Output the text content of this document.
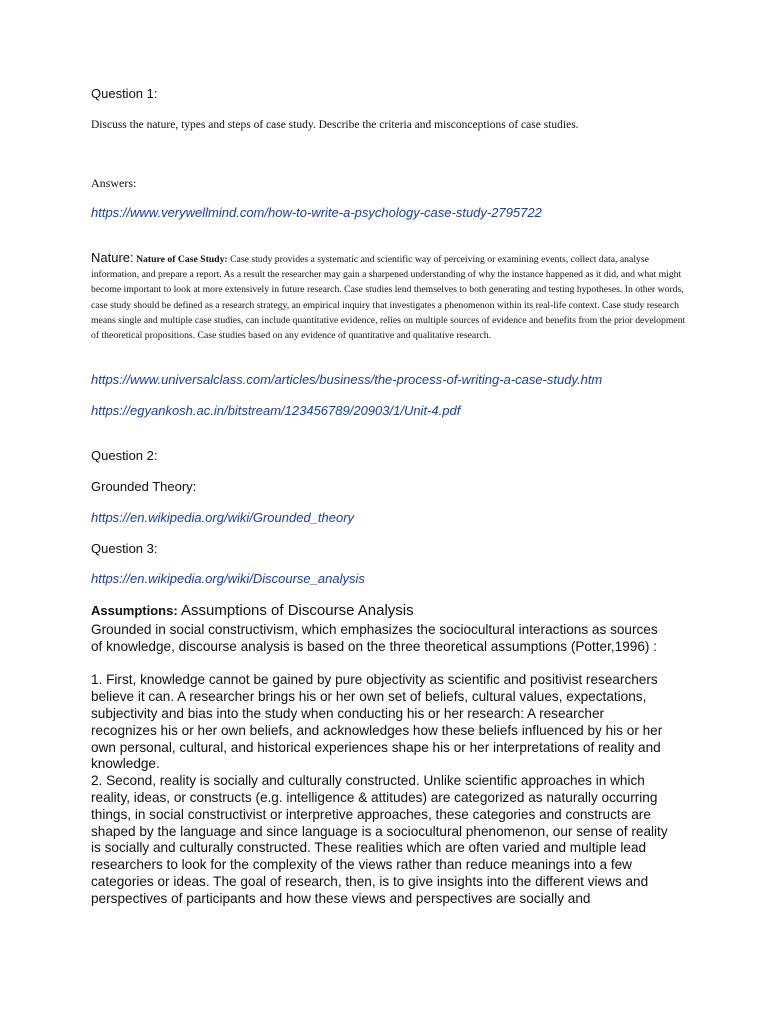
Question 1:
Discuss the nature, types and steps of case study. Describe the criteria and misconceptions of case studies.
Answers:
https://www.verywellmind.com/how-to-write-a-psychology-case-study-2795722
Nature: Nature of Case Study: Case study provides a systematic and scientific way of perceiving or examining events, collect data, analyse information, and prepare a report. As a result the researcher may gain a sharpened understanding of why the instance happened as it did, and what might become important to look at more extensively in future research. Case studies lend themselves to both generating and testing hypotheses. In other words, case study should be defined as a research strategy, an empirical inquiry that investigates a phenomenon within its real-life context. Case study research means single and multiple case studies, can include quantitative evidence, relies on multiple sources of evidence and benefits from the prior development of theoretical propositions. Case studies based on any evidence of quantitative and qualitative research.
https://www.universalclass.com/articles/business/the-process-of-writing-a-case-study.htm
https://egyankosh.ac.in/bitstream/123456789/20903/1/Unit-4.pdf
Question 2:
Grounded Theory:
https://en.wikipedia.org/wiki/Grounded_theory
Question 3:
https://en.wikipedia.org/wiki/Discourse_analysis
Assumptions: Assumptions of Discourse Analysis

Grounded in social constructivism, which emphasizes the sociocultural interactions as sources of knowledge, discourse analysis is based on the three theoretical assumptions (Potter,1996) :

1. First, knowledge cannot be gained by pure objectivity as scientific and positivist researchers believe it can. A researcher brings his or her own set of beliefs, cultural values, expectations, subjectivity and bias into the study when conducting his or her research: A researcher recognizes his or her own beliefs, and acknowledges how these beliefs influenced by his or her own personal, cultural, and historical experiences shape his or her interpretations of reality and knowledge.

2. Second, reality is socially and culturally constructed. Unlike scientific approaches in which reality, ideas, or constructs (e.g. intelligence & attitudes) are categorized as naturally occurring things, in social constructivist or interpretive approaches, these categories and constructs are shaped by the language and since language is a sociocultural phenomenon, our sense of reality is socially and culturally constructed. These realities which are often varied and multiple lead researchers to look for the complexity of the views rather than reduce meanings into a few categories or ideas. The goal of research, then, is to give insights into the different views and perspectives of participants and how these views and perspectives are socially and
